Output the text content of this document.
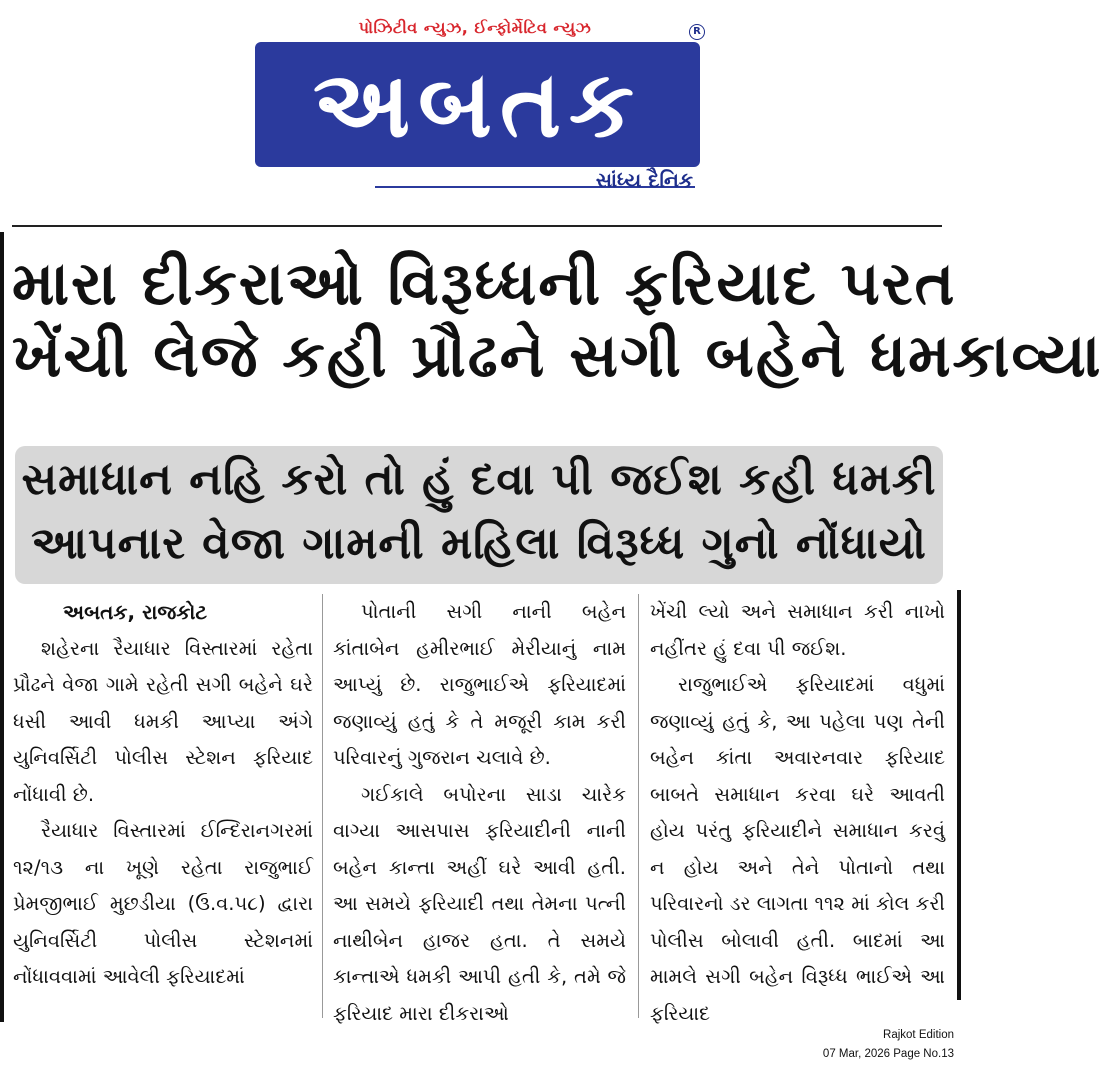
પોઝિટીવ ન્યુઝ, ઈન્ફોર્મેટિવ ન્યુઝ	R
અબતક
સાંધ્ય દૈનિક
મારા દીકરાઓ વિરૂધ્ધની ફરિયાદ પરત
ખેંચી લેજે કહી પ્રૌઢને સગી બહેને ધમકાવ્યા
સમાધાન નહિ કરો તો હું દવા પી જઈશ કહી ધમકી
આપનાર વેજા ગામની મહિલા વિરૂધ્ધ ગુનો નોંધાયો
અબતક, રાજકોટ

શહેરના રૈયાધાર વિસ્તારમાં રહેતા પ્રૌઢને વેજા ગામે રહેતી સગી બહેને ઘરે ધસી આવી ધમકી આપ્યા અંગે યુનિવર્સિટી પોલીસ સ્ટેશન ફરિયાદ નોંધાવી છે.

રૈયાધાર વિસ્તારમાં ઈન્દિરાનગરમાં ૧૨/૧૩ ના ખૂણે રહેતા રાજુભાઈ પ્રેમજીભાઈ મુછડીયા (ઉ.વ.૫૮) દ્વારા યુનિવર્સિટી પોલીસ સ્ટેશનમાં નોંધાવવામાં આવેલી ફરિયાદમાં

પોતાની સગી નાની બહેન કાંતાબેન હમીરભાઈ મેરીયાનું નામ આપ્યું છે. રાજુભાઈએ ફરિયાદમાં જણાવ્યું હતું કે તે મજૂરી કામ કરી પરિવારનું ગુજરાન ચલાવે છે.

ગઈકાલે બપોરના સાડા ચારેક વાગ્યા આસપાસ ફરિયાદીની નાની બહેન કાન્તા અહીં ઘરે આવી હતી. આ સમયે ફરિયાદી તથા તેમના પત્ની નાથીબેન હાજર હતા. તે સમયે કાન્તાએ ધમકી આપી હતી કે, તમે જે ફરિયાદ મારા દીકરાઓ

ખેંચી લ્યો અને સમાધાન કરી નાખો નહીંતર હું દવા પી જઈશ.

રાજુભાઈએ ફરિયાદમાં વધુમાં જણાવ્યું હતું કે, આ પહેલા પણ તેની બહેન કાંતા અવારનવાર ફરિયાદ બાબતે સમાધાન કરવા ઘરે આવતી હોય પરંતુ ફરિયાદીને સમાધાન કરવું ન હોય અને તેને પોતાનો તથા પરિવારનો ડર લાગતા ૧૧૨ માં કોલ કરી પોલીસ બોલાવી હતી. બાદમાં આ મામલે સગી બહેન વિરૂધ્ધ ભાઈએ આ ફરિયાદ

Rajkot Edition
07 Mar, 2026 Page No.13
